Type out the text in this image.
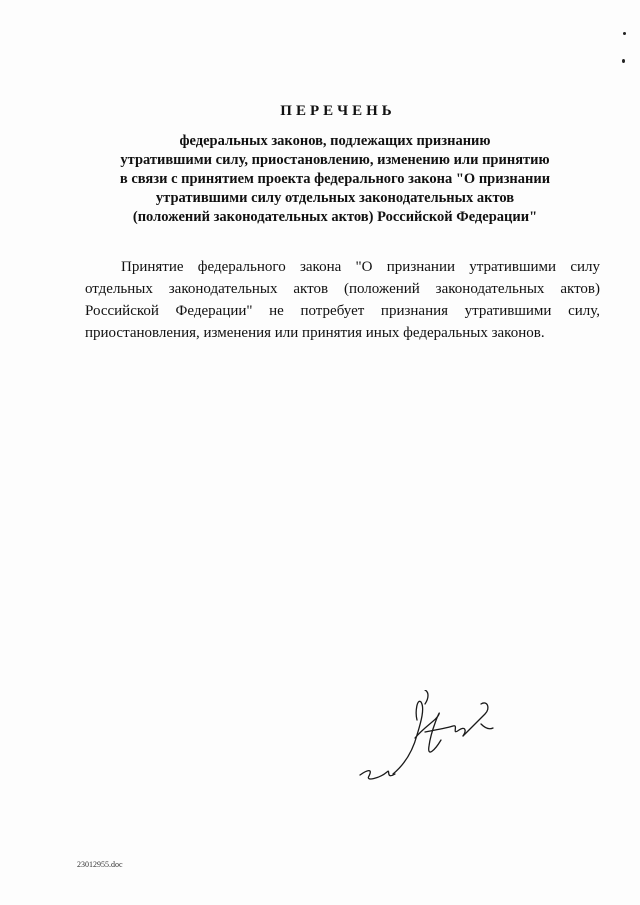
ПЕРЕЧЕНЬ
федеральных законов, подлежащих признанию
утратившими силу, приостановлению, изменению или принятию
в связи с принятием проекта федерального закона "О признании
утратившими силу отдельных законодательных актов
(положений законодательных актов) Российской Федерации"
Принятие федерального закона "О признании утратившими силу
отдельных законодательных актов (положений законодательных актов)
Российской Федерации" не потребует признания утратившими силу,
приостановления, изменения или принятия иных федеральных законов.
23012955.doc
